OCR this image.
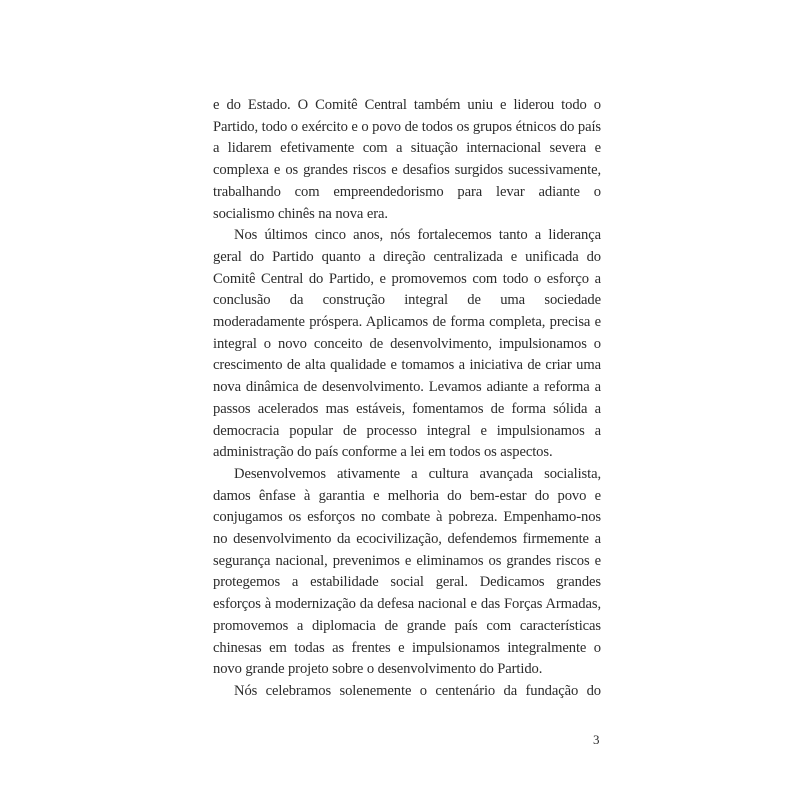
e do Estado. O Comitê Central também uniu e liderou todo o Partido, todo o exército e o povo de todos os grupos étnicos do país a lidarem efetivamente com a situação internacional severa e complexa e os grandes riscos e desafios surgidos sucessivamente, trabalhando com empreendedorismo para levar adiante o socialismo chinês na nova era.

Nos últimos cinco anos, nós fortalecemos tanto a liderança geral do Partido quanto a direção centralizada e unificada do Comitê Central do Partido, e promovemos com todo o esforço a conclusão da construção integral de uma sociedade moderadamente próspera. Aplicamos de forma completa, precisa e integral o novo conceito de desenvolvimento, impulsionamos o crescimento de alta qualidade e tomamos a iniciativa de criar uma nova dinâmica de desenvolvimento. Levamos adiante a reforma a passos acelerados mas estáveis, fomentamos de forma sólida a democracia popular de processo integral e impulsionamos a administração do país conforme a lei em todos os aspectos.

Desenvolvemos ativamente a cultura avançada socialista, damos ênfase à garantia e melhoria do bem-estar do povo e conjugamos os esforços no combate à pobreza. Empenhamo-nos no desenvolvimento da ecocivilização, defendemos firmemente a segurança nacional, prevenimos e eliminamos os grandes riscos e protegemos a estabilidade social geral. Dedicamos grandes esforços à modernização da defesa nacional e das Forças Armadas, promovemos a diplomacia de grande país com características chinesas em todas as frentes e impulsionamos integralmente o novo grande projeto sobre o desenvolvimento do Partido.

Nós celebramos solenemente o centenário da fundação do

3
